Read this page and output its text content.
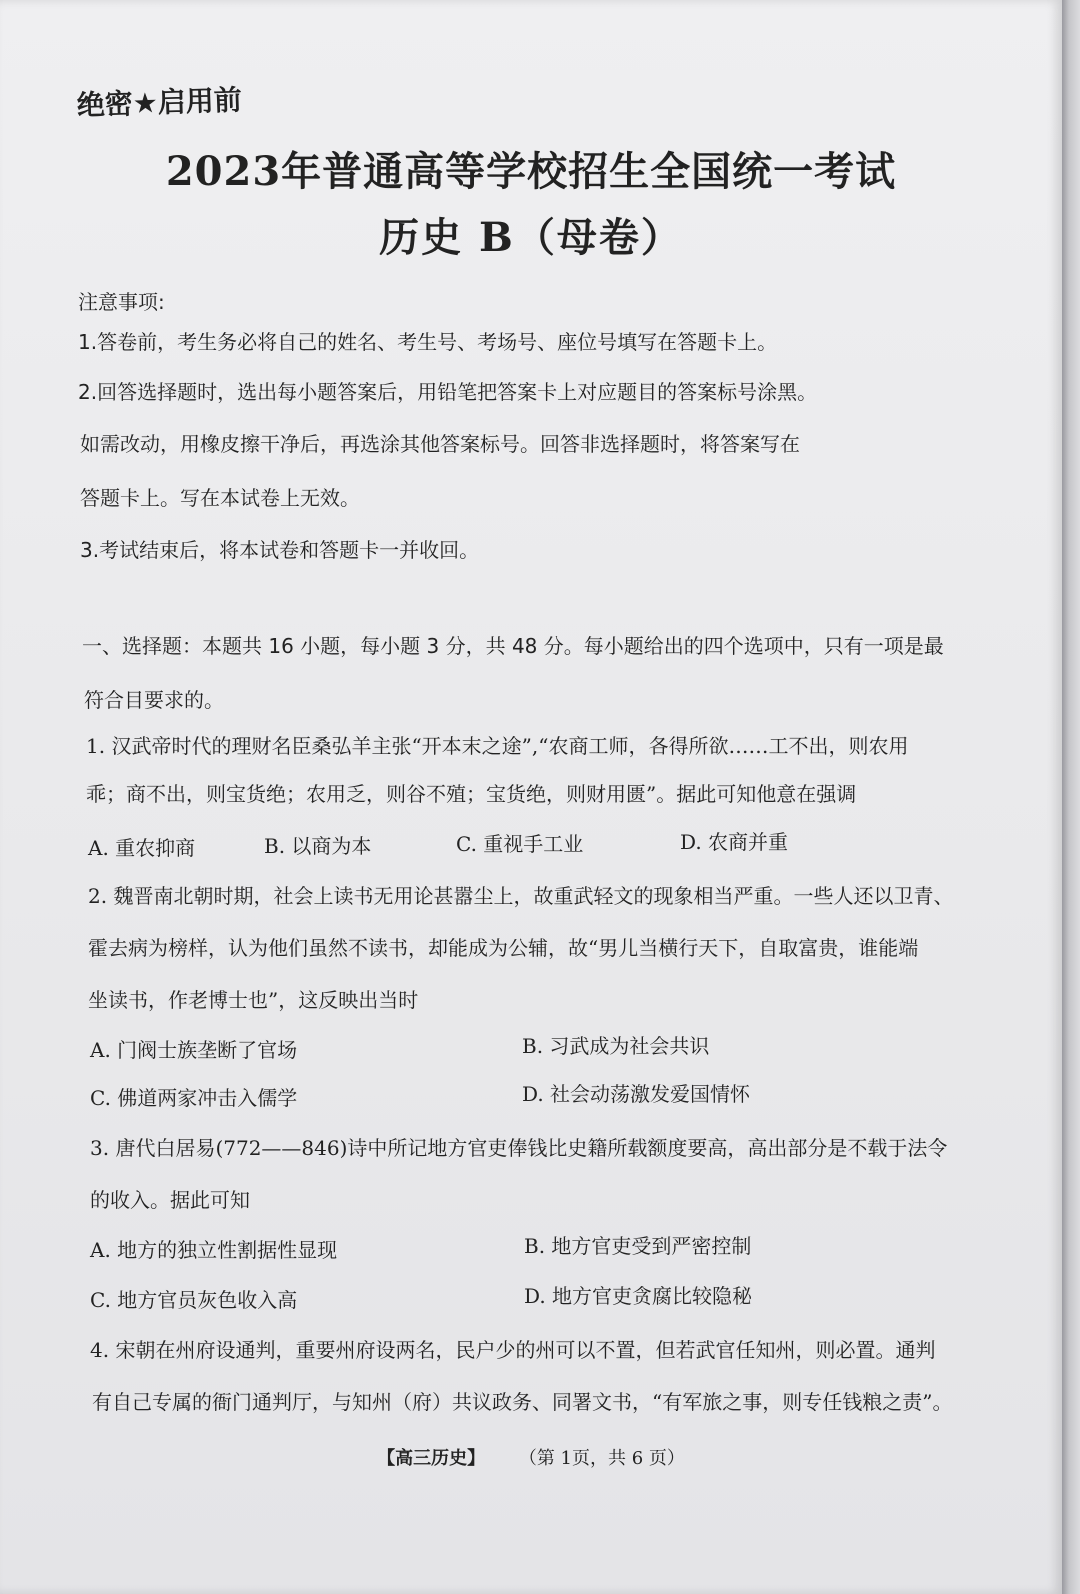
绝密★启用前
2023年普通高等学校招生全国统一考试
历史 B（母卷）
注意事项:
1.答卷前，考生务必将自己的姓名、考生号、考场号、座位号填写在答题卡上。
2.回答选择题时，选出每小题答案后，用铅笔把答案卡上对应题目的答案标号涂黑。
如需改动，用橡皮擦干净后，再选涂其他答案标号。回答非选择题时，将答案写在
答题卡上。写在本试卷上无效。
3.考试结束后，将本试卷和答题卡一并收回。
一、选择题：本题共 16 小题，每小题 3 分，共 48 分。每小题给出的四个选项中，只有一项是最
符合目要求的。
1. 汉武帝时代的理财名臣桑弘羊主张“开本末之途”,“农商工师，各得所欲……工不出，则农用
乖；商不出，则宝货绝；农用乏，则谷不殖；宝货绝，则财用匮”。据此可知他意在强调
A. 重农抑商	B. 以商为本	C. 重视手工业	D. 农商并重
2. 魏晋南北朝时期，社会上读书无用论甚嚣尘上，故重武轻文的现象相当严重。一些人还以卫青、
霍去病为榜样，认为他们虽然不读书，却能成为公辅，故“男儿当横行天下，自取富贵，谁能端
坐读书，作老博士也”，这反映出当时
A. 门阀士族垄断了官场	B. 习武成为社会共识
C. 佛道两家冲击入儒学	D. 社会动荡激发爱国情怀
3. 唐代白居易(772——846)诗中所记地方官吏俸钱比史籍所载额度要高，高出部分是不载于法令
的收入。据此可知
A. 地方的独立性割据性显现	B. 地方官吏受到严密控制
C. 地方官员灰色收入高	D. 地方官吏贪腐比较隐秘
4. 宋朝在州府设通判，重要州府设两名，民户少的州可以不置，但若武官任知州，则必置。通判
有自己专属的衙门通判厅，与知州（府）共议政务、同署文书，“有军旅之事，则专任钱粮之责”。
【高三历史】 （第 1页，共 6 页）
